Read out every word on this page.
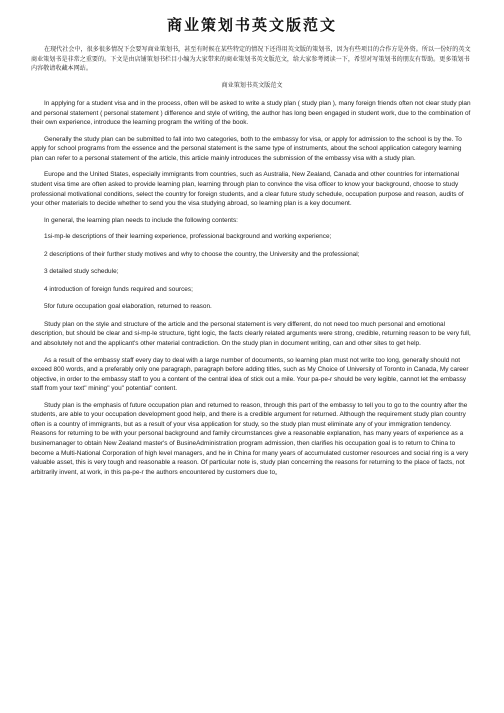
商业策划书英文版范文

在现代社会中，很多很多情况下会要写商业策划书，甚至有时候在某些特定的情况下还得用英文版的策划书，因为有些项目的合作方是外资。所以一份好的英文商业策划书是非常之重要的。下文是由店铺策划书栏目小编为大家带来的商业策划书英文版范文，给大家参考阅读一下，希望对写策划书的朋友有帮助。更多策划书内容敬请收藏本网站。

商业策划书英文版范文

In applying for a student visa and in the process, often will be asked to write a study plan ( study plan ), many foreign friends often not clear study plan and personal statement ( personal statement ) difference and style of writing, the author has long been engaged in student work, due to the combination of their own experience, introduce the learning program the writing of the book.

Generally the study plan can be submitted to fall into two categories, both to the embassy for visa, or apply for admission to the school is by the. To apply for school programs from the essence and the personal statement is the same type of instruments, about the school application category learning plan can refer to a personal statement of the article, this article mainly introduces the submission of the embassy visa with a study plan.

Europe and the United States, especially immigrants from countries, such as Australia, New Zealand, Canada and other countries for international student visa time are often asked to provide learning plan, learning through plan to convince the visa officer to know your background, choose to study professional motivational conditions, select the country for foreign students, and a clear future study schedule, occupation purpose and reason, audits of your other materials to decide whether to send you the visa studying abroad, so learning plan is a key document.

In general, the learning plan needs to include the following contents:

1si-mp-le descriptions of their learning experience, professional background and working experience;

2 descriptions of their further study motives and why to choose the country, the University and the professional;

3 detailed study schedule;

4 introduction of foreign funds required and sources;

5for future occupation goal elaboration, returned to reason.

Study plan on the style and structure of the article and the personal statement is very different, do not need too much personal and emotional description, but should be clear and si-mp-le structure, tight logic, the facts clearly related arguments were strong, credible, returning reason to be very full, and absolutely not and the applicant's other material contradiction. On the study plan in document writing, can and other sites to get help.

As a result of the embassy staff every day to deal with a large number of documents, so learning plan must not write too long, generally should not exceed 800 words, and a preferably only one paragraph, paragraph before adding titles, such as My Choice of University of Toronto in Canada, My career objective, in order to the embassy staff to you a content of the central idea of stick out a mile. Your pa-pe-r should be very legible, cannot let the embassy staff from your text" mining" you" potential" content.

Study plan is the emphasis of future occupation plan and returned to reason, through this part of the embassy to tell you to go to the country after the students, are able to your occupation development good help, and there is a credible argument for returned. Although the requirement study plan country often is a country of immigrants, but as a result of your visa application for study, so the study plan must eliminate any of your immigration tendency. Reasons for returning to be with your personal background and family circumstances give a reasonable explanation, has many years of experience as a businemanager to obtain New Zealand master's of BusineAdministration program admission, then clarifies his occupation goal is to return to China to become a Multi-National Corporation of high level managers, and he in China for many years of accumulated customer resources and social ring is a very valuable asset, this is very tough and reasonable a reason. Of particular note is, study plan concerning the reasons for returning to the place of facts, not arbitrarily invent, at work, in this pa-pe-r the authors encountered by customers due to。
